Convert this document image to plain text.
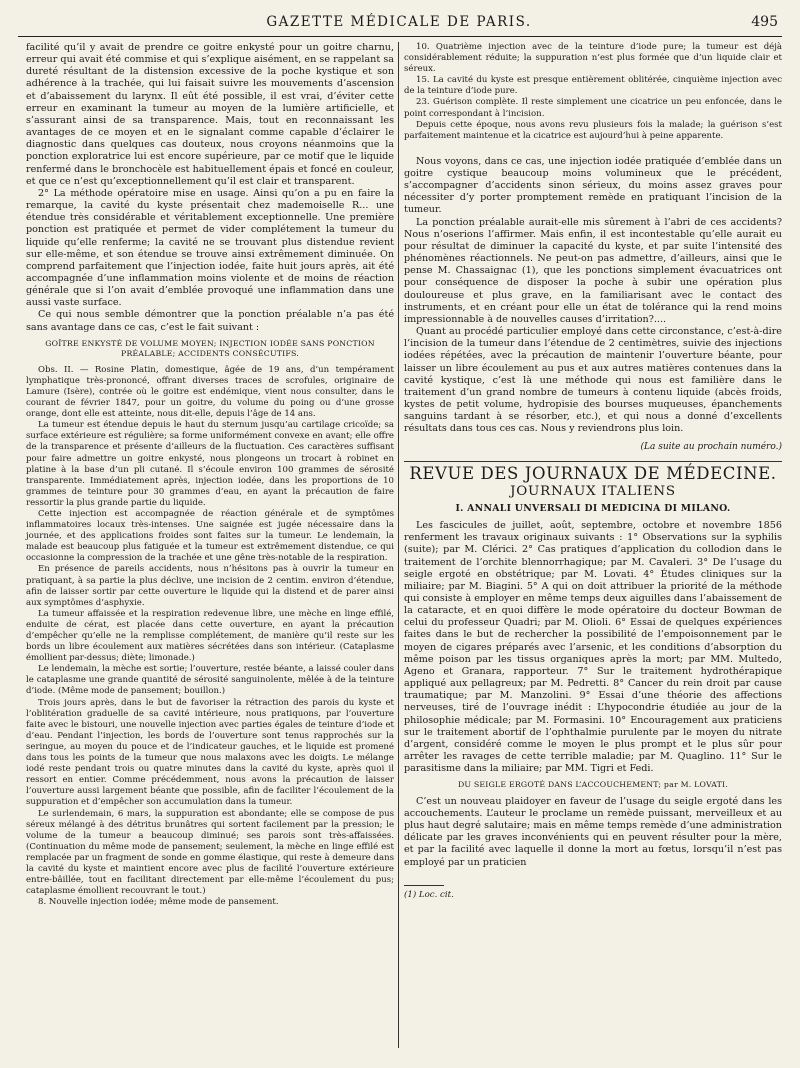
GAZETTE MÉDICALE DE PARIS.	495

facilité qu’il y avait de prendre ce goitre enkysté pour un goitre charnu, erreur qui avait été commise et qui s’explique aisément, en se rappelant sa dureté résultant de la distension excessive de la poche kystique et son adhérence à la trachée, qui lui faisait suivre les mouvements d’ascension et d’abaissement du larynx. Il eût été possible, il est vrai, d’éviter cette erreur en examinant la tumeur au moyen de la lumière artificielle, et s’assurant ainsi de sa transparence. Mais, tout en reconnaissant les avantages de ce moyen et en le signalant comme capable d’éclairer le diagnostic dans quelques cas douteux, nous croyons néanmoins que la ponction exploratrice lui est encore supérieure, par ce motif que le liquide renfermé dans le bronchocèle est habituellement épais et foncé en couleur, et que ce n’est qu’exceptionnellement qu’il est clair et transparent.

2° La méthode opératoire mise en usage. Ainsi qu’on a pu en faire la remarque, la cavité du kyste présentait chez mademoiselle R... une étendue très considérable et véritablement exceptionnelle. Une première ponction est pratiquée et permet de vider complétement la tumeur du liquide qu’elle renferme; la cavité ne se trouvant plus distendue revient sur elle-même, et son étendue se trouve ainsi extrêmement diminuée. On comprend parfaitement que l’injection iodée, faite huit jours après, ait été accompagnée d’une inflammation moins violente et de moins de réaction générale que si l’on avait d’emblée provoqué une inflammation dans une aussi vaste surface.

Ce qui nous semble démontrer que la ponction préalable n’a pas été sans avantage dans ce cas, c’est le fait suivant :

GOÎTRE ENKYSTÉ DE VOLUME MOYEN; INJECTION IODÉE SANS PONCTION PRÉALABLE; ACCIDENTS CONSÉCUTIFS.

Obs. II. — Rosine Platin, domestique, âgée de 19 ans, d’un tempérament lymphatique très-prononcé, offrant diverses traces de scrofules, originaire de Lamure (Isère), contrée où le goitre est endémique, vient nous consulter, dans le courant de février 1847, pour un goitre, du volume du poing ou d’une grosse orange, dont elle est atteinte, nous dit-elle, depuis l’âge de 14 ans.

La tumeur est étendue depuis le haut du sternum jusqu’au cartilage cricoïde; sa surface extérieure est régulière; sa forme uniformément convexe en avant; elle offre de la transparence et présente d’ailleurs de la fluctuation. Ces caractères suffisant pour faire admettre un goitre enkysté, nous plongeons un trocart à robinet en platine à la base d’un pli cutané. Il s’écoule environ 100 grammes de sérosité transparente. Immédiatement après, injection iodée, dans les proportions de 10 grammes de teinture pour 30 grammes d’eau, en ayant la précaution de faire ressortir la plus grande partie du liquide.

Cette injection est accompagnée de réaction générale et de symptômes inflammatoires locaux très-intenses. Une saignée est jugée nécessaire dans la journée, et des applications froides sont faites sur la tumeur. Le lendemain, la malade est beaucoup plus fatiguée et la tumeur est extrêmement distendue, ce qui occasionne la compression de la trachée et une gêne très-notable de la respiration.

En présence de pareils accidents, nous n’hésitons pas à ouvrir la tumeur en pratiquant, à sa partie la plus déclive, une incision de 2 centim. environ d’étendue, afin de laisser sortir par cette ouverture le liquide qui la distend et de parer ainsi aux symptômes d’asphyxie.

La tumeur affaissée et la respiration redevenue libre, une mèche en linge effilé, enduite de cérat, est placée dans cette ouverture, en ayant la précaution d’empêcher qu’elle ne la remplisse complétement, de manière qu’il reste sur les bords un libre écoulement aux matières sécrétées dans son intérieur. (Cataplasme émollient par-dessus; diète; limonade.)

Le lendemain, la mèche est sortie; l’ouverture, restée béante, a laissé couler dans le cataplasme une grande quantité de sérosité sanguinolente, mêlée à de la teinture d’iode. (Même mode de pansement; bouillon.)

Trois jours après, dans le but de favoriser la rétraction des parois du kyste et l’oblitération graduelle de sa cavité intérieure, nous pratiquons, par l’ouverture faite avec le bistouri, une nouvelle injection avec parties égales de teinture d’iode et d’eau. Pendant l’injection, les bords de l’ouverture sont tenus rapprochés sur la seringue, au moyen du pouce et de l’indicateur gauches, et le liquide est promené dans tous les points de la tumeur que nous malaxons avec les doigts. Le mélange iodé reste pendant trois ou quatre minutes dans la cavité du kyste, après quoi il ressort en entier. Comme précédemment, nous avons la précaution de laisser l’ouverture aussi largement béante que possible, afin de faciliter l’écoulement de la suppuration et d’empêcher son accumulation dans la tumeur.

Le surlendemain, 6 mars, la suppuration est abondante; elle se compose de pus séreux mélangé à des détritus brunâtres qui sortent facilement par la pression; le volume de la tumeur a beaucoup diminué; ses parois sont très-affaissées. (Continuation du même mode de pansement; seulement, la mèche en linge effilé est remplacée par un fragment de sonde en gomme élastique, qui reste à demeure dans la cavité du kyste et maintient encore avec plus de facilité l’ouverture extérieure entre-bâillée, tout en facilitant directement par elle-même l’écoulement du pus; cataplasme émollient recouvrant le tout.)

8. Nouvelle injection iodée; même mode de pansement.

10. Quatrième injection avec de la teinture d’iode pure; la tumeur est déjà considérablement réduite; la suppuration n’est plus formée que d’un liquide clair et séreux.

15. La cavité du kyste est presque entièrement oblitérée, cinquième injection avec de la teinture d’iode pure.

23. Guérison complète. Il reste simplement une cicatrice un peu enfoncée, dans le point correspondant à l’incision.

Depuis cette époque, nous avons revu plusieurs fois la malade; la guérison s’est parfaitement maintenue et la cicatrice est aujourd’hui à peine apparente.

Nous voyons, dans ce cas, une injection iodée pratiquée d’emblée dans un goitre cystique beaucoup moins volumineux que le précédent, s’accompagner d’accidents sinon sérieux, du moins assez graves pour nécessiter d’y porter promptement remède en pratiquant l’incision de la tumeur.

La ponction préalable aurait-elle mis sûrement à l’abri de ces accidents? Nous n’oserions l’affirmer. Mais enfin, il est incontestable qu’elle aurait eu pour résultat de diminuer la capacité du kyste, et par suite l’intensité des phénomènes réactionnels. Ne peut-on pas admettre, d’ailleurs, ainsi que le pense M. Chassaignac (1), que les ponctions simplement évacuatrices ont pour conséquence de disposer la poche à subir une opération plus douloureuse et plus grave, en la familiarisant avec le contact des instruments, et en créant pour elle un état de tolérance qui la rend moins impressionnable à de nouvelles causes d’irritation?....

Quant au procédé particulier employé dans cette circonstance, c’est-à-dire l’incision de la tumeur dans l’étendue de 2 centimètres, suivie des injections iodées répétées, avec la précaution de maintenir l’ouverture béante, pour laisser un libre écoulement au pus et aux autres matières contenues dans la cavité kystique, c’est là une méthode qui nous est familière dans le traitement d’un grand nombre de tumeurs à contenu liquide (abcès froids, kystes de petit volume, hydropisie des bourses muqueuses, épanchements sanguins tardant à se résorber, etc.), et qui nous a donné d’excellents résultats dans tous ces cas. Nous y reviendrons plus loin.

(La suite au prochain numéro.)

REVUE DES JOURNAUX DE MÉDECINE.

JOURNAUX ITALIENS

I. ANNALI UNVERSALI DI MEDICINA DI MILANO.

Les fascicules de juillet, août, septembre, octobre et novembre 1856 renferment les travaux originaux suivants : 1° Observations sur la syphilis (suite); par M. Clérici. 2° Cas pratiques d’application du collodion dans le traitement de l’orchite blennorrhagique; par M. Cavaleri. 3° De l’usage du seigle ergoté en obstétrique; par M. Lovati. 4° Études cliniques sur la miliaire; par M. Biagini. 5° A qui on doit attribuer la priorité de la méthode qui consiste à employer en même temps deux aiguilles dans l’abaissement de la cataracte, et en quoi diffère le mode opératoire du docteur Bowman de celui du professeur Quadri; par M. Olioli. 6° Essai de quelques expériences faites dans le but de rechercher la possibilité de l’empoisonnement par le moyen de cigares préparés avec l’arsenic, et les conditions d’absorption du même poison par les tissus organiques après la mort; par MM. Multedo, Ageno et Granara, rapporteur. 7° Sur le traitement hydrothérapique appliqué aux pellagreux; par M. Pedretti. 8° Cancer du rein droit par cause traumatique; par M. Manzolini. 9° Essai d’une théorie des affections nerveuses, tiré de l’ouvrage inédit : L’hypocondrie étudiée au jour de la philosophie médicale; par M. Formasini. 10° Encouragement aux praticiens sur le traitement abortif de l’ophthalmie purulente par le moyen du nitrate d’argent, considéré comme le moyen le plus prompt et le plus sûr pour arrêter les ravages de cette terrible maladie; par M. Quaglino. 11° Sur le parasitisme dans la miliaire; par MM. Tigri et Fedi.

DU SEIGLE ERGOTÉ DANS L’ACCOUCHEMENT; par M. LOVATI.

C’est un nouveau plaidoyer en faveur de l’usage du seigle ergoté dans les accouchements. L’auteur le proclame un remède puissant, merveilleux et au plus haut degré salutaire; mais en même temps remède d’une administration délicate par les graves inconvénients qui en peuvent résulter pour la mère, et par la facilité avec laquelle il donne la mort au fœtus, lorsqu’il n’est pas employé par un praticien

(1) Loc. cit.
